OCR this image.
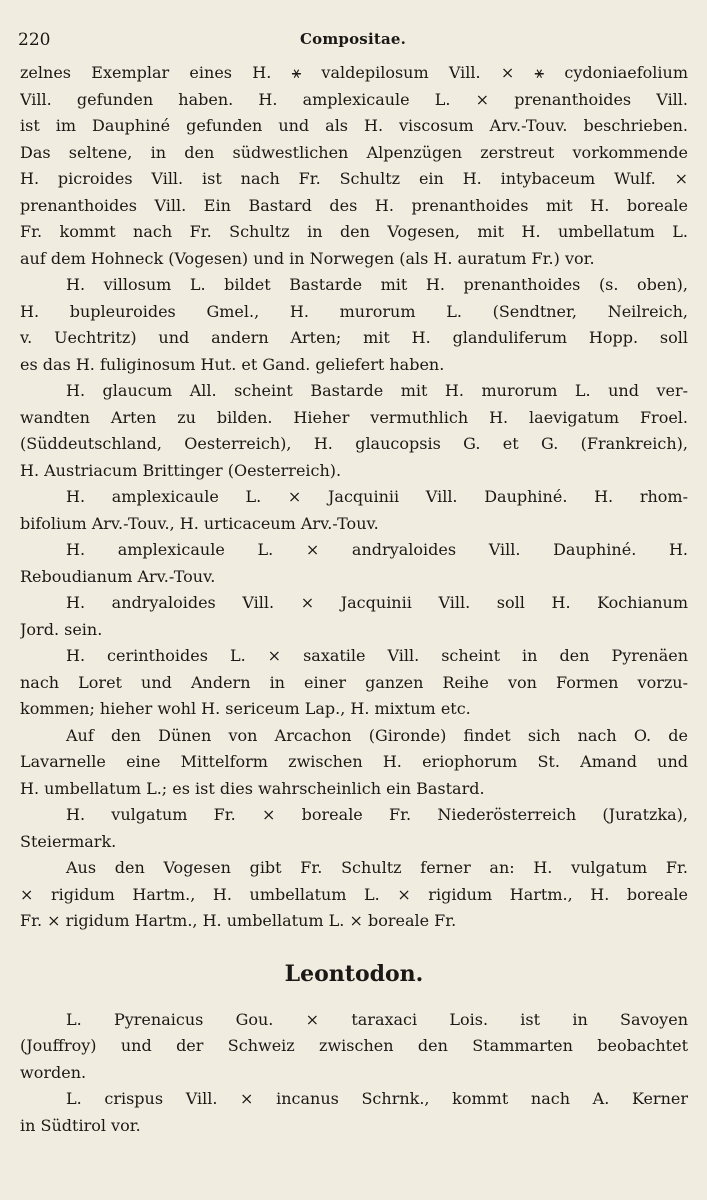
220	Compositae.
zelnes Exemplar eines H. ⚹ valdepilosum Vill. × ⚹ cydoniaefolium
Vill. gefunden haben. H. amplexicaule L. × prenanthoides Vill.
ist im Dauphiné gefunden und als H. viscosum Arv.-Touv. beschrieben.
Das seltene, in den südwestlichen Alpenzügen zerstreut vorkommende
H. picroides Vill. ist nach Fr. Schultz ein H. intybaceum Wulf. ×
prenanthoides Vill. Ein Bastard des H. prenanthoides mit H. boreale
Fr. kommt nach Fr. Schultz in den Vogesen, mit H. umbellatum L.
auf dem Hohneck (Vogesen) und in Norwegen (als H. auratum Fr.) vor.
H. villosum L. bildet Bastarde mit H. prenanthoides (s. oben),
H. bupleuroides Gmel., H. murorum L. (Sendtner, Neilreich,
v. Uechtritz) und andern Arten; mit H. glanduliferum Hopp. soll
es das H. fuliginosum Hut. et Gand. geliefert haben.
H. glaucum All. scheint Bastarde mit H. murorum L. und ver-
wandten Arten zu bilden. Hieher vermuthlich H. laevigatum Froel.
(Süddeutschland, Oesterreich), H. glaucopsis G. et G. (Frankreich),
H. Austriacum Brittinger (Oesterreich).
H. amplexicaule L. × Jacquinii Vill. Dauphiné. H. rhom-
bifolium Arv.-Touv., H. urticaceum Arv.-Touv.
H. amplexicaule L. × andryaloides Vill. Dauphiné. H.
Reboudianum Arv.-Touv.
H. andryaloides Vill. × Jacquinii Vill. soll H. Kochianum
Jord. sein.
H. cerinthoides L. × saxatile Vill. scheint in den Pyrenäen
nach Loret und Andern in einer ganzen Reihe von Formen vorzu-
kommen; hieher wohl H. sericeum Lap., H. mixtum etc.
Auf den Dünen von Arcachon (Gironde) findet sich nach O. de
Lavarnelle eine Mittelform zwischen H. eriophorum St. Amand und
H. umbellatum L.; es ist dies wahrscheinlich ein Bastard.
H. vulgatum Fr. × boreale Fr. Niederösterreich (Juratzka),
Steiermark.
Aus den Vogesen gibt Fr. Schultz ferner an: H. vulgatum Fr.
× rigidum Hartm., H. umbellatum L. × rigidum Hartm., H. boreale
Fr. × rigidum Hartm., H. umbellatum L. × boreale Fr.
Leontodon.
L. Pyrenaicus Gou. × taraxaci Lois. ist in Savoyen
(Jouffroy) und der Schweiz zwischen den Stammarten beobachtet
worden.
L. crispus Vill. × incanus Schrnk., kommt nach A. Kerner
in Südtirol vor.
